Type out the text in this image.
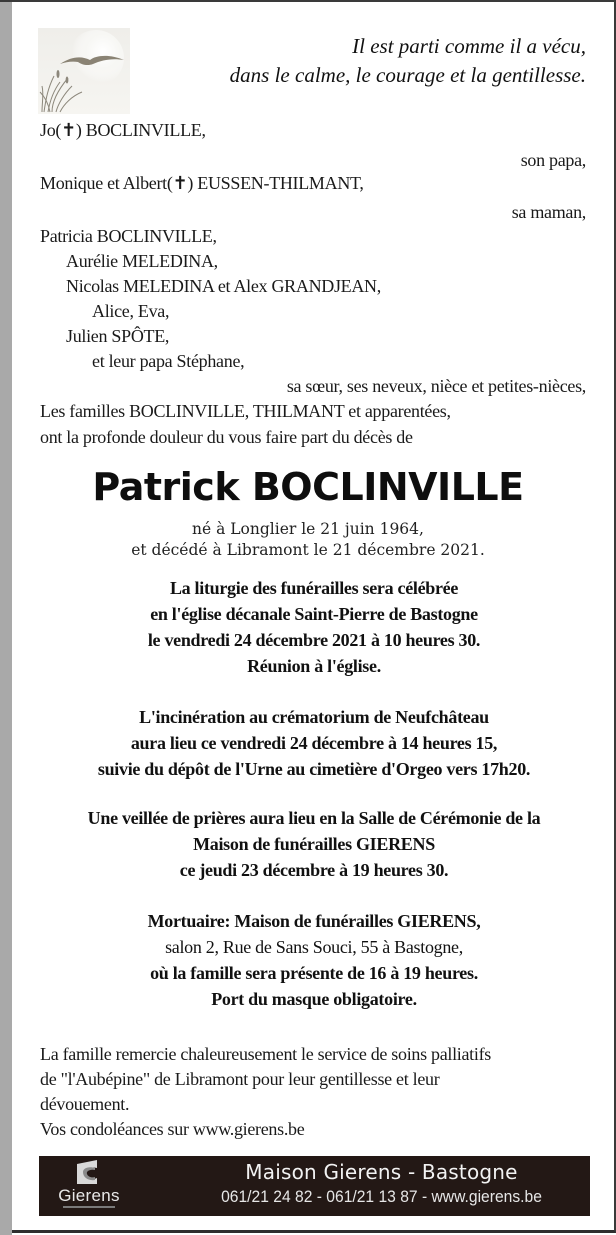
Il est parti comme il a vécu,
dans le calme, le courage et la gentillesse.
Jo(✝) BOCLINVILLE,
son papa,
Monique et Albert(✝) EUSSEN-THILMANT,
sa maman,
Patricia BOCLINVILLE,
Aurélie MELEDINA,
Nicolas MELEDINA et Alex GRANDJEAN,
Alice, Eva,
Julien SPÔTE,
et leur papa Stéphane,
sa sœur, ses neveux, nièce et petites-nièces,
Les familles BOCLINVILLE, THILMANT et apparentées,
ont la profonde douleur du vous faire part du décès de
Patrick BOCLINVILLE
né à Longlier le 21 juin 1964,
et décédé à Libramont le 21 décembre 2021.
La liturgie des funérailles sera célébrée
en l'église décanale Saint-Pierre de Bastogne
le vendredi 24 décembre 2021 à 10 heures 30.
Réunion à l'église.
L'incinération au crématorium de Neufchâteau
aura lieu ce vendredi 24 décembre à 14 heures 15,
suivie du dépôt de l'Urne au cimetière d'Orgeo vers 17h20.
Une veillée de prières aura lieu en la Salle de Cérémonie de la
Maison de funérailles GIERENS
ce jeudi 23 décembre à 19 heures 30.
Mortuaire: Maison de funérailles GIERENS,
salon 2, Rue de Sans Souci, 55 à Bastogne,
où la famille sera présente de 16 à 19 heures.
Port du masque obligatoire.
La famille remercie chaleureusement le service de soins palliatifs
de "l'Aubépine" de Libramont pour leur gentillesse et leur
dévouement.
Vos condoléances sur www.gierens.be
Gierens
Maison Gierens - Bastogne
061/21 24 82 - 061/21 13 87 - www.gierens.be
